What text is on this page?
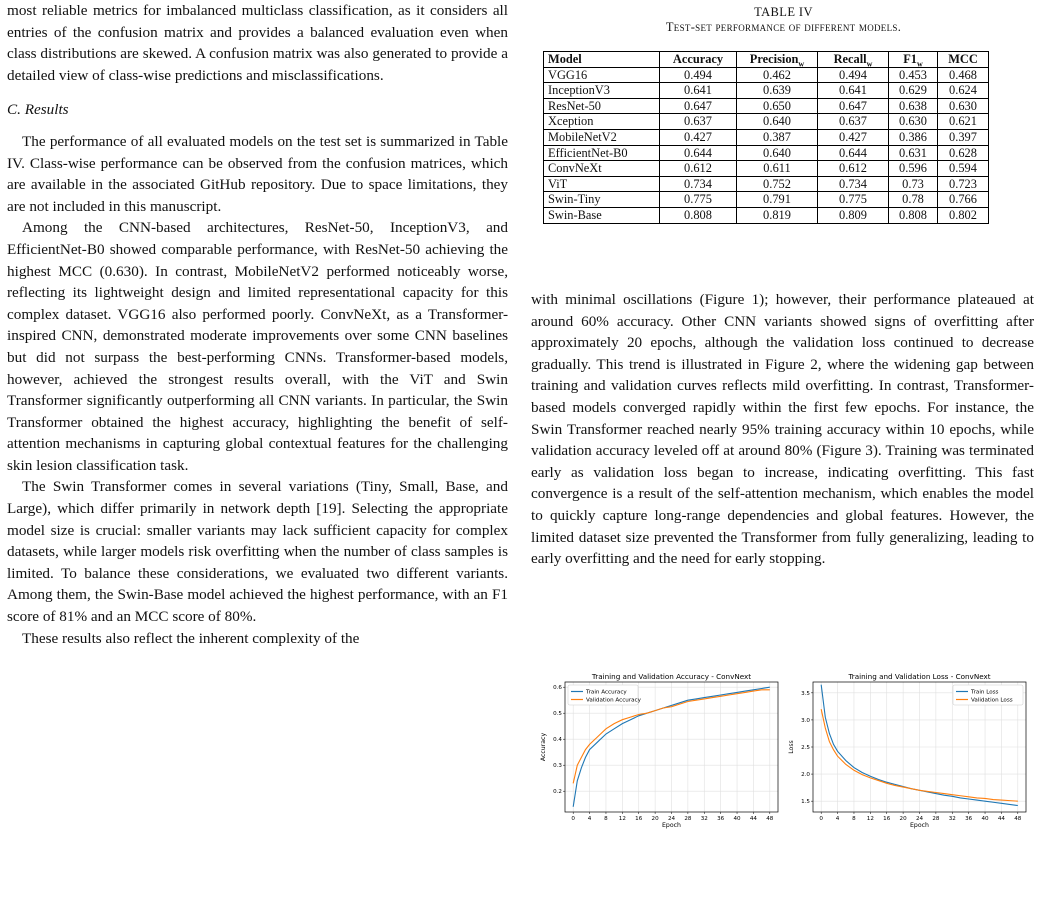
most reliable metrics for imbalanced multiclass classification, as it considers all entries of the confusion matrix and provides a balanced evaluation even when class distributions are skewed. A confusion matrix was also generated to provide a detailed view of class-wise predictions and misclassifications.

C. Results

The performance of all evaluated models on the test set is summarized in Table IV. Class-wise performance can be observed from the confusion matrices, which are available in the associated GitHub repository. Due to space limitations, they are not included in this manuscript.

Among the CNN-based architectures, ResNet-50, InceptionV3, and EfficientNet-B0 showed comparable performance, with ResNet-50 achieving the highest MCC (0.630). In contrast, MobileNetV2 performed noticeably worse, reflecting its lightweight design and limited representational capacity for this complex dataset. VGG16 also performed poorly. ConvNeXt, as a Transformer-inspired CNN, demonstrated moderate improvements over some CNN baselines but did not surpass the best-performing CNNs. Transformer-based models, however, achieved the strongest results overall, with the ViT and Swin Transformer significantly outperforming all CNN variants. In particular, the Swin Transformer obtained the highest accuracy, highlighting the benefit of self-attention mechanisms in capturing global contextual features for the challenging skin lesion classification task.

The Swin Transformer comes in several variations (Tiny, Small, Base, and Large), which differ primarily in network depth [19]. Selecting the appropriate model size is crucial: smaller variants may lack sufficient capacity for complex datasets, while larger models risk overfitting when the number of class samples is limited. To balance these considerations, we evaluated two different variants. Among them, the Swin-Base model achieved the highest performance, with an F1 score of 81% and an MCC score of 80%.

These results also reflect the inherent complexity of the

TABLE IV
Test-set performance of different models.
Model	Accuracy	Precision$_w$	Recall$_w$	$F1_w$	MCC
VGG16	0.494	0.462	0.494	0.453	0.468
InceptionV3	0.641	0.639	0.641	0.629	0.624
ResNet-50	0.647	0.650	0.647	0.638	0.630
Xception	0.637	0.640	0.637	0.630	0.621
MobileNetV2	0.427	0.387	0.427	0.386	0.397
EfficientNet-B0	0.644	0.640	0.644	0.631	0.628
ConvNeXt	0.612	0.611	0.612	0.596	0.594
ViT	0.734	0.752	0.734	0.73	0.723
Swin-Tiny	0.775	0.791	0.775	0.78	0.766
Swin-Base	0.808	0.819	0.809	0.808	0.802

with minimal oscillations (Figure 1); however, their performance plateaued at around 60% accuracy. Other CNN variants showed signs of overfitting after approximately 20 epochs, although the validation loss continued to decrease gradually. This trend is illustrated in Figure 2, where the widening gap between training and validation curves reflects mild overfitting. In contrast, Transformer-based models converged rapidly within the first few epochs. For instance, the Swin Transformer reached nearly 95% training accuracy within 10 epochs, while validation accuracy leveled off at around 80% (Figure 3). Training was terminated early as validation loss began to increase, indicating overfitting. This fast convergence is a result of the self-attention mechanism, which enables the model to quickly capture long-range dependencies and global features. However, the limited dataset size prevented the Transformer from fully generalizing, leading to early overfitting and the need for early stopping.

Training and Validation Accuracy - ConvNext
0 4 8 12 16 20 24 28 32 36 40 44 48
0.2
0.3
0.4
0.5
0.6
Epoch
Accuracy
Train Accuracy
Validation Accuracy
Training and Validation Loss - ConvNext
0 4 8 12 16 20 24 28 32 36 40 44 48
1.5
2.0
2.5
3.0
3.5
Epoch
Loss
Train Loss
Validation Loss
